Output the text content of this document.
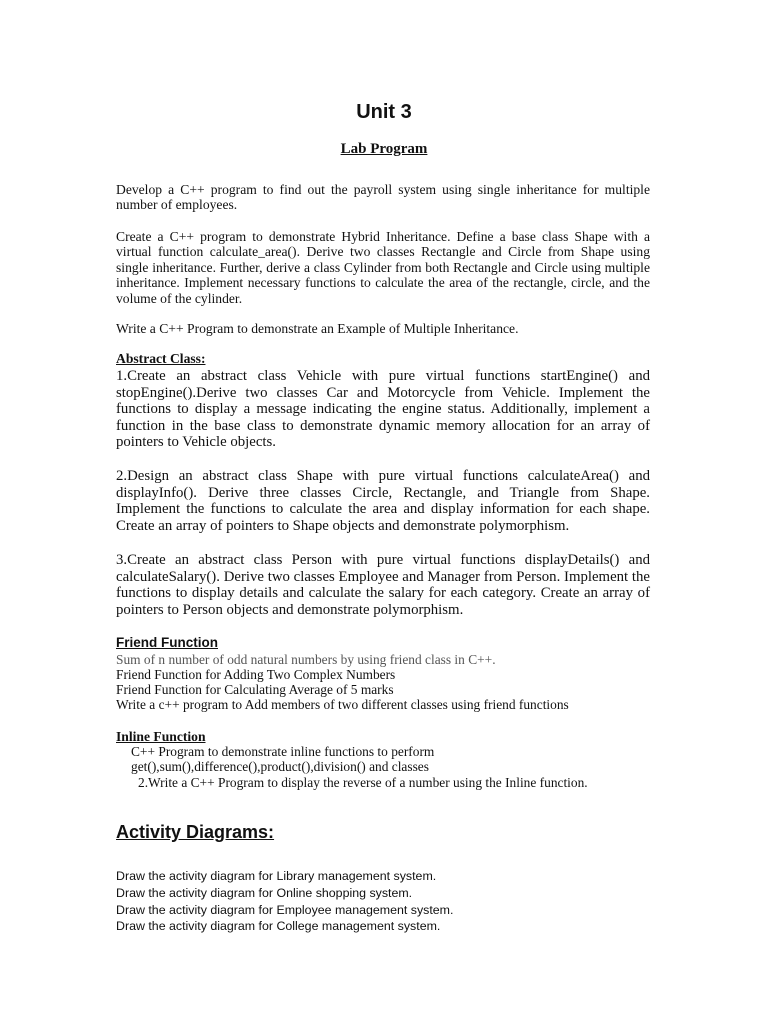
Unit 3
Lab Program
Develop a C++ program to find out the payroll system using single inheritance for multiple number of employees.
Create a C++ program to demonstrate Hybrid Inheritance. Define a base class Shape with a virtual function calculate_area(). Derive two classes Rectangle and Circle from Shape using single inheritance. Further, derive a class Cylinder from both Rectangle and Circle using multiple inheritance. Implement necessary functions to calculate the area of the rectangle, circle, and the volume of the cylinder.
Write a C++ Program to demonstrate an Example of Multiple Inheritance.
Abstract Class:
1.Create an abstract class Vehicle with pure virtual functions startEngine() and stopEngine().Derive two classes Car and Motorcycle from Vehicle. Implement the functions to display a message indicating the engine status. Additionally, implement a function in the base class to demonstrate dynamic memory allocation for an array of pointers to Vehicle objects.
2.Design an abstract class Shape with pure virtual functions calculateArea() and displayInfo(). Derive three classes Circle, Rectangle, and Triangle from Shape. Implement the functions to calculate the area and display information for each shape. Create an array of pointers to Shape objects and demonstrate polymorphism.
3.Create an abstract class Person with pure virtual functions displayDetails() and calculateSalary(). Derive two classes Employee and Manager from Person. Implement the functions to display details and calculate the salary for each category. Create an array of pointers to Person objects and demonstrate polymorphism.
Friend Function
Sum of n number of odd natural numbers by using friend class in C++.
Friend Function for Adding Two Complex Numbers
Friend Function for Calculating Average of 5 marks
Write a c++ program to Add members of two different classes using friend functions
Inline Function
C++ Program to demonstrate inline functions to perform
get(),sum(),difference(),product(),division() and classes
2.Write a C++ Program to display the reverse of a number using the Inline function.
Activity Diagrams:
Draw the activity diagram for Library management system.
Draw the activity diagram for Online shopping system.
Draw the activity diagram for Employee management system.
Draw the activity diagram for College management system.
